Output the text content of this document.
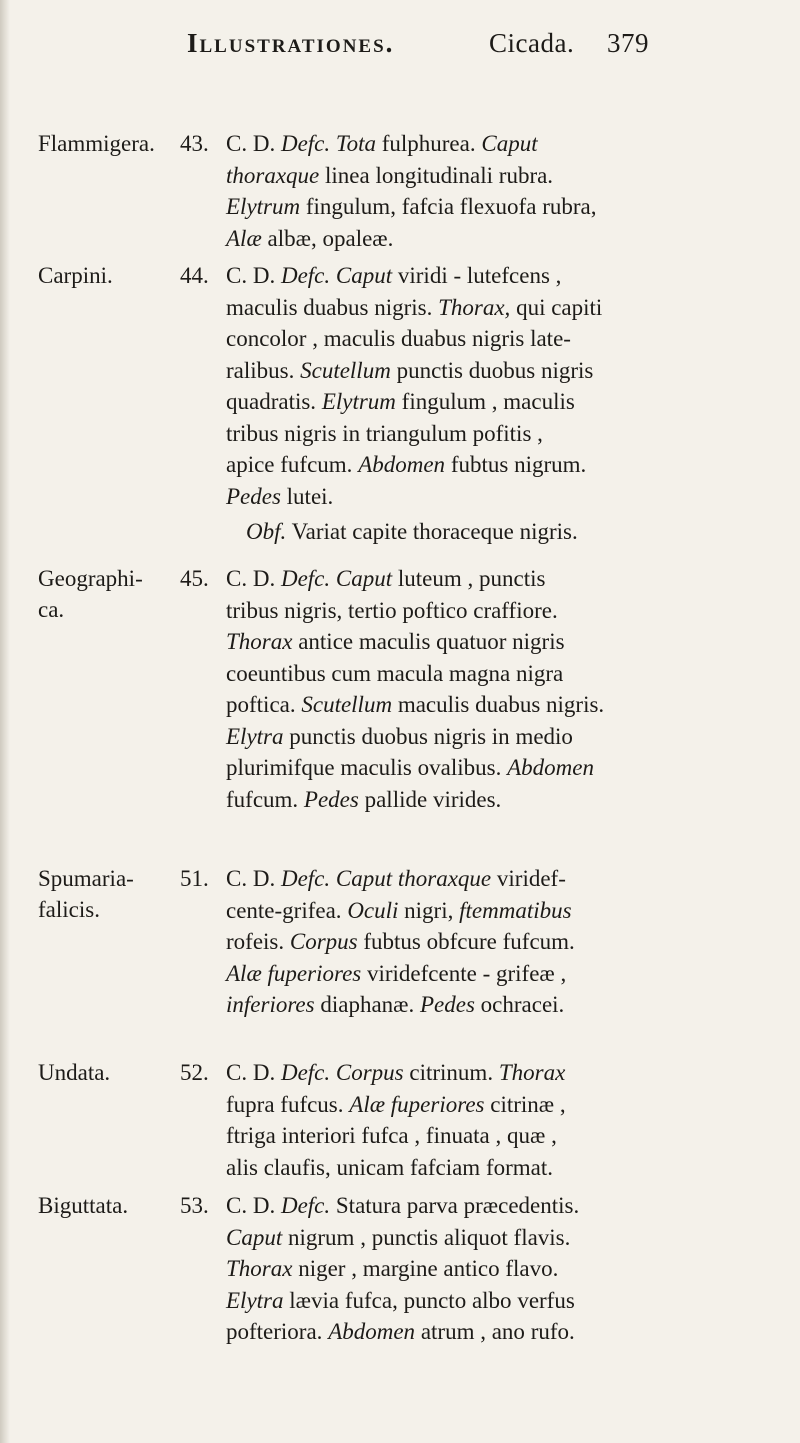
Illustrationes.	Cicada. 379
Flammigera. 43. C. D. Defc. Tota fulphurea. Caput
thoraxque linea longitudinali rubra.
Elytrum fingulum, fafcia flexuofa rubra,
Alæ albæ, opaleæ.
Carpini.	44. C. D. Defc. Caput viridi - lutefcens ,
maculis duabus nigris. Thorax, qui capiti
concolor , maculis duabus nigris late-
ralibus. Scutellum punctis duobus nigris
quadratis. Elytrum fingulum , maculis
tribus nigris in triangulum pofitis ,
apice fufcum. Abdomen fubtus nigrum.
Pedes lutei.
Obf. Variat capite thoraceque nigris.
Geographi-
ca.
45. C. D. Defc. Caput luteum , punctis
tribus nigris, tertio poftico craffiore.
Thorax antice maculis quatuor nigris
coeuntibus cum macula magna nigra
poftica. Scutellum maculis duabus nigris.
Elytra punctis duobus nigris in medio
plurimifque maculis ovalibus. Abdomen
fufcum. Pedes pallide virides.
Spumaria-
falicis.
51. C. D. Defc. Caput thoraxque viridef-
cente-grifea. Oculi nigri, ftemmatibus
rofeis. Corpus fubtus obfcure fufcum.
Alæ fuperiores viridefcente - grifeæ ,
inferiores diaphanæ. Pedes ochracei.
Undata.	52. C. D. Defc. Corpus citrinum. Thorax
fupra fufcus. Alæ fuperiores citrinæ ,
ftriga interiori fufca , finuata , quæ ,
alis claufis, unicam fafciam format.
Biguttata. 53. C. D. Defc. Statura parva præcedentis.
Caput nigrum , punctis aliquot flavis.
Thorax niger , margine antico flavo.
Elytra lævia fufca, puncto albo verfus
pofteriora. Abdomen atrum , ano rufo.
